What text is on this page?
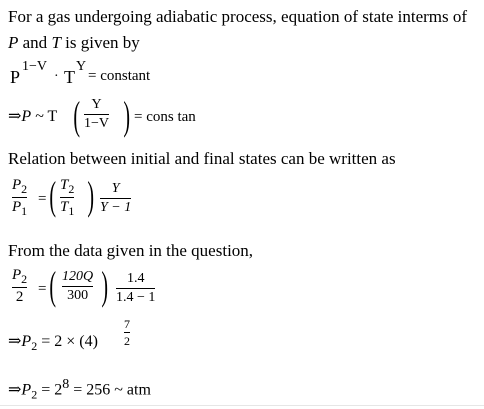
For a gas undergoing adiabatic process, equation of state interms of
P and T is given by
P
1−V
· T
Y
= constant
⇒P ~ T ( Y
1−V ) = cons tan
Relation between initial and final states can be written as
$P_2$
$P_1$
= ( $T_2$
$T_1$ ) Y
Y − 1
From the data given in the question,
$P_2$
2 = ( 120Q
300 ) 1.4
1.4 − 1
$\Rightarrow P_2 = 2 \times (4)$
7
2
$\Rightarrow P_2 = 2^8 = 256$ ~ atm
